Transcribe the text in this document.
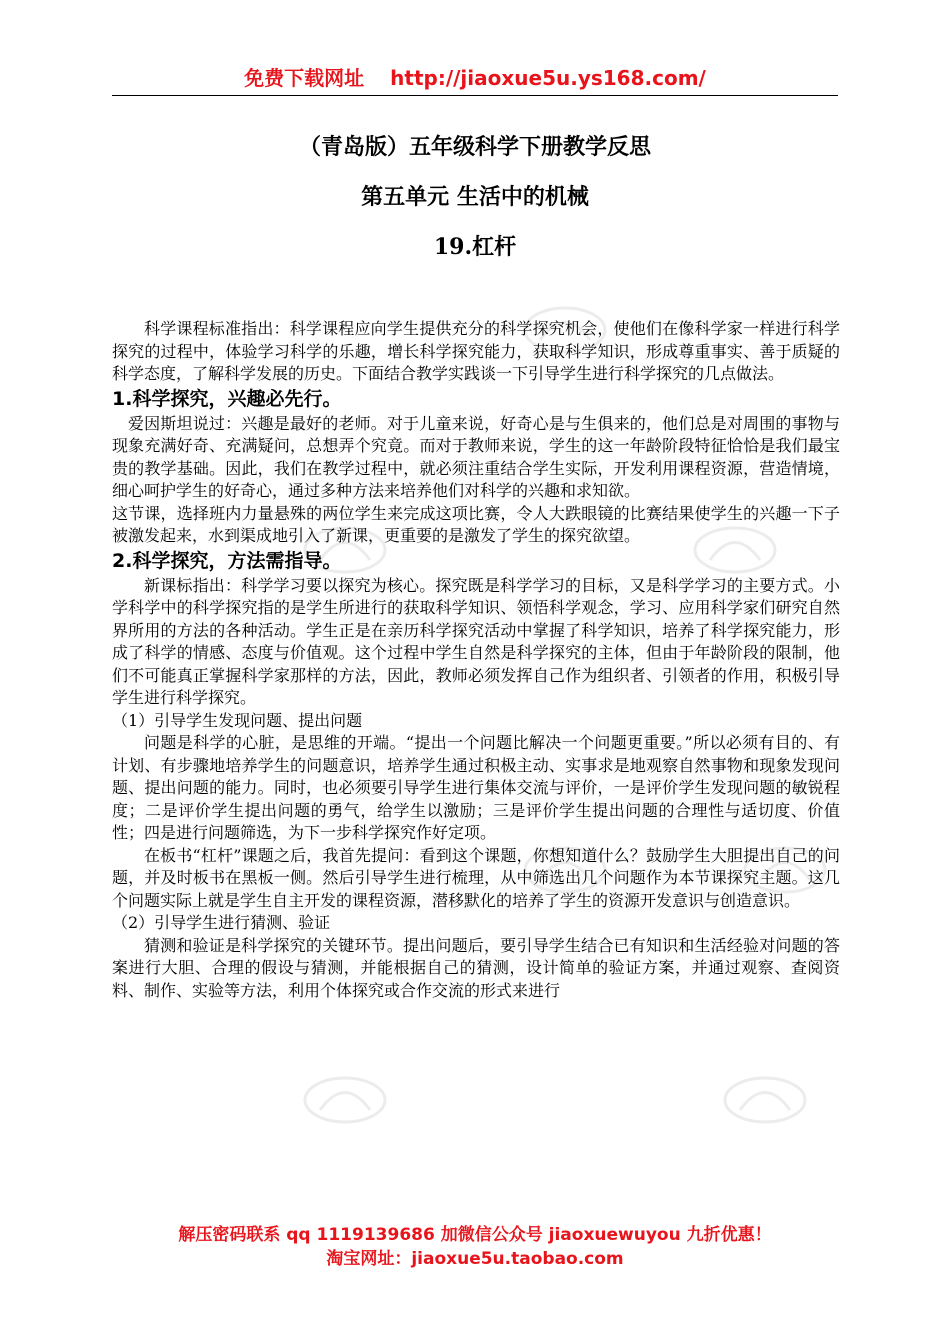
免费下载网址 http://jiaoxue5u.ys168.com/
（青岛版）五年级科学下册教学反思
第五单元 生活中的机械
19.杠杆

科学课程标准指出：科学课程应向学生提供充分的科学探究机会，使他们在像科学家一样进行科学探究的过程中，体验学习科学的乐趣，增长科学探究能力，获取科学知识，形成尊重事实、善于质疑的科学态度，了解科学发展的历史。下面结合教学实践谈一下引导学生进行科学探究的几点做法。

1.科学探究，兴趣必先行。

爱因斯坦说过：兴趣是最好的老师。对于儿童来说，好奇心是与生俱来的，他们总是对周围的事物与现象充满好奇、充满疑问，总想弄个究竟。而对于教师来说，学生的这一年龄阶段特征恰恰是我们最宝贵的教学基础。因此，我们在教学过程中，就必须注重结合学生实际，开发利用课程资源，营造情境，细心呵护学生的好奇心，通过多种方法来培养他们对科学的兴趣和求知欲。

这节课，选择班内力量悬殊的两位学生来完成这项比赛，令人大跌眼镜的比赛结果使学生的兴趣一下子被激发起来，水到渠成地引入了新课，更重要的是激发了学生的探究欲望。

2.科学探究，方法需指导。

新课标指出：科学学习要以探究为核心。探究既是科学学习的目标，又是科学学习的主要方式。小学科学中的科学探究指的是学生所进行的获取科学知识、领悟科学观念，学习、应用科学家们研究自然界所用的方法的各种活动。学生正是在亲历科学探究活动中掌握了科学知识，培养了科学探究能力，形成了科学的情感、态度与价值观。这个过程中学生自然是科学探究的主体，但由于年龄阶段的限制，他们不可能真正掌握科学家那样的方法，因此，教师必须发挥自己作为组织者、引领者的作用，积极引导学生进行科学探究。

（1）引导学生发现问题、提出问题

问题是科学的心脏，是思维的开端。“提出一个问题比解决一个问题更重要。”所以必须有目的、有计划、有步骤地培养学生的问题意识，培养学生通过积极主动、实事求是地观察自然事物和现象发现问题、提出问题的能力。同时，也必须要引导学生进行集体交流与评价，一是评价学生发现问题的敏锐程度；二是评价学生提出问题的勇气，给学生以激励；三是评价学生提出问题的合理性与适切度、价值性；四是进行问题筛选，为下一步科学探究作好定项。

在板书“杠杆”课题之后，我首先提问：看到这个课题，你想知道什么？鼓励学生大胆提出自己的问题，并及时板书在黑板一侧。然后引导学生进行梳理，从中筛选出几个问题作为本节课探究主题。这几个问题实际上就是学生自主开发的课程资源，潜移默化的培养了学生的资源开发意识与创造意识。

（2）引导学生进行猜测、验证

猜测和验证是科学探究的关键环节。提出问题后，要引导学生结合已有知识和生活经验对问题的答案进行大胆、合理的假设与猜测，并能根据自己的猜测，设计简单的验证方案，并通过观察、查阅资料、制作、实验等方法，利用个体探究或合作交流的形式来进行

解压密码联系 qq 1119139686 加微信公众号 jiaoxuewuyou 九折优惠！
淘宝网址：jiaoxue5u.taobao.com
